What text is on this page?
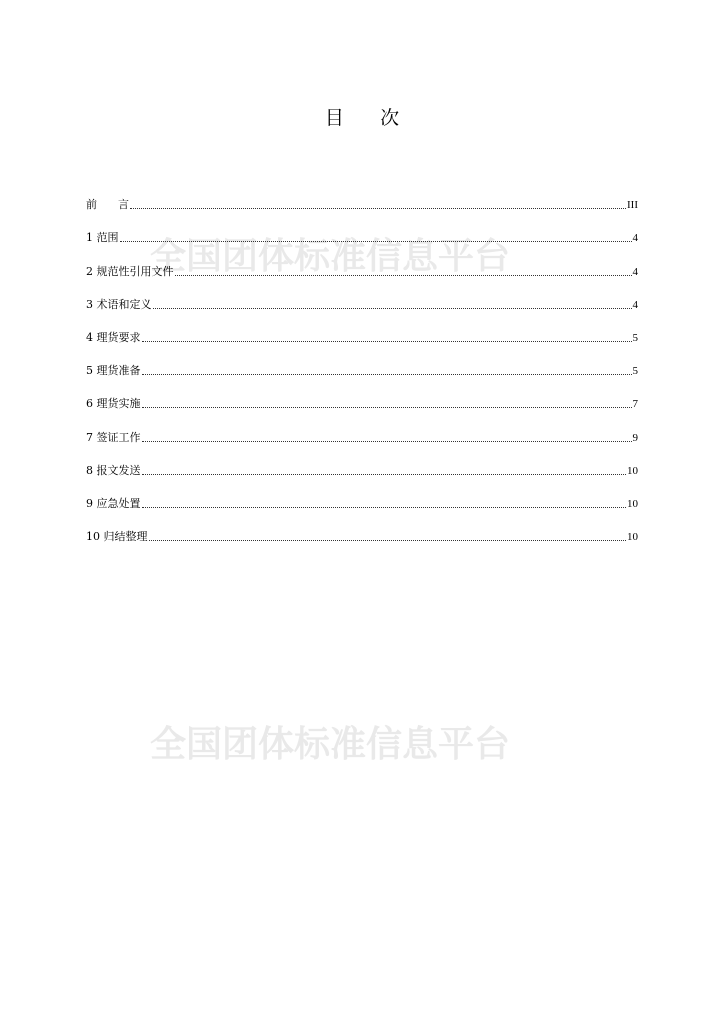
全国团体标准信息平台
全国团体标准信息平台
目      次
前      言	III
1 范围	4
2 规范性引用文件	4
3 术语和定义	4
4 理货要求	5
5 理货准备	5
6 理货实施	7
7 签证工作	9
8 报文发送	10
9 应急处置	10
10 归结整理	10
